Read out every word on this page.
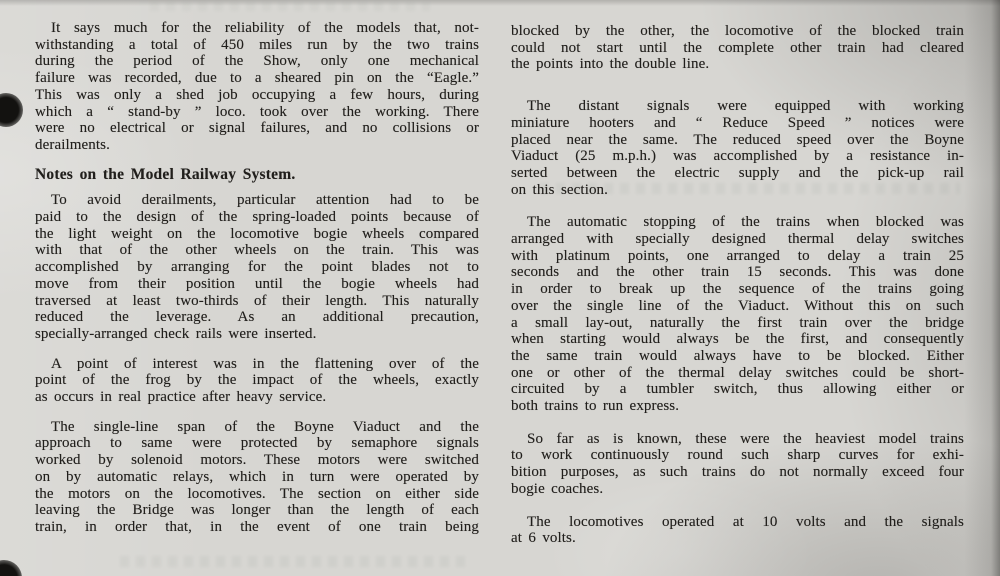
It says much for the reliability of the models that, not-
withstanding a total of 450 miles run by the two trains
during the period of the Show, only one mechanical
failure was recorded, due to a sheared pin on the “Eagle.”
This was only a shed job occupying a few hours, during
which a “ stand-by ” loco. took over the working. There
were no electrical or signal failures, and no collisions or
derailments.
Notes on the Model Railway System.
To avoid derailments, particular attention had to be
paid to the design of the spring-loaded points because of
the light weight on the locomotive bogie wheels compared
with that of the other wheels on the train. This was
accomplished by arranging for the point blades not to
move from their position until the bogie wheels had
traversed at least two-thirds of their length. This naturally
reduced the leverage. As an additional precaution,
specially-arranged check rails were inserted.
A point of interest was in the flattening over of the
point of the frog by the impact of the wheels, exactly
as occurs in real practice after heavy service.
The single-line span of the Boyne Viaduct and the
approach to same were protected by semaphore signals
worked by solenoid motors. These motors were switched
on by automatic relays, which in turn were operated by
the motors on the locomotives. The section on either side
leaving the Bridge was longer than the length of each
train, in order that, in the event of one train being
blocked by the other, the locomotive of the blocked train
could not start until the complete other train had cleared
the points into the double line.
The distant signals were equipped with working
miniature hooters and “ Reduce Speed ” notices were
placed near the same. The reduced speed over the Boyne
Viaduct (25 m.p.h.) was accomplished by a resistance in-
serted between the electric supply and the pick-up rail
on this section.
The automatic stopping of the trains when blocked was
arranged with specially designed thermal delay switches
with platinum points, one arranged to delay a train 25
seconds and the other train 15 seconds. This was done
in order to break up the sequence of the trains going
over the single line of the Viaduct. Without this on such
a small lay-out, naturally the first train over the bridge
when starting would always be the first, and consequently
the same train would always have to be blocked. Either
one or other of the thermal delay switches could be short-
circuited by a tumbler switch, thus allowing either or
both trains to run express.
So far as is known, these were the heaviest model trains
to work continuously round such sharp curves for exhi-
bition purposes, as such trains do not normally exceed four
bogie coaches.
The locomotives operated at 10 volts and the signals
at 6 volts.
